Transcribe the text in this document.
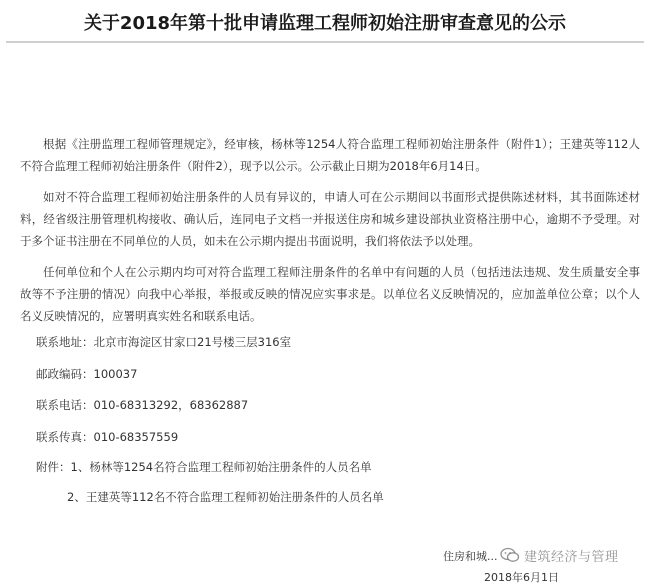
关于2018年第十批申请监理工程师初始注册审查意见的公示
根据《注册监理工程师管理规定》，经审核，杨林等1254人符合监理工程师初始注册条件（附件1）；王建英等112人不符合监理工程师初始注册条件（附件2），现予以公示。公示截止日期为2018年6月14日。
如对不符合监理工程师初始注册条件的人员有异议的，申请人可在公示期间以书面形式提供陈述材料，其书面陈述材料，经省级注册管理机构接收、确认后，连同电子文档一并报送住房和城乡建设部执业资格注册中心，逾期不予受理。对于多个证书注册在不同单位的人员，如未在公示期内提出书面说明，我们将依法予以处理。
任何单位和个人在公示期内均可对符合监理工程师注册条件的名单中有问题的人员（包括违法违规、发生质量安全事故等不予注册的情况）向我中心举报，举报或反映的情况应实事求是。以单位名义反映情况的，应加盖单位公章；以个人名义反映情况的，应署明真实姓名和联系电话。
联系地址：北京市海淀区甘家口21号楼三层316室
邮政编码：100037
联系电话：010-68313292，68362887
联系传真：010-68357559
附件：1、杨林等1254名符合监理工程师初始注册条件的人员名单
2、王建英等112名不符合监理工程师初始注册条件的人员名单
住房和城...
2018年6月1日
建筑经济与管理
